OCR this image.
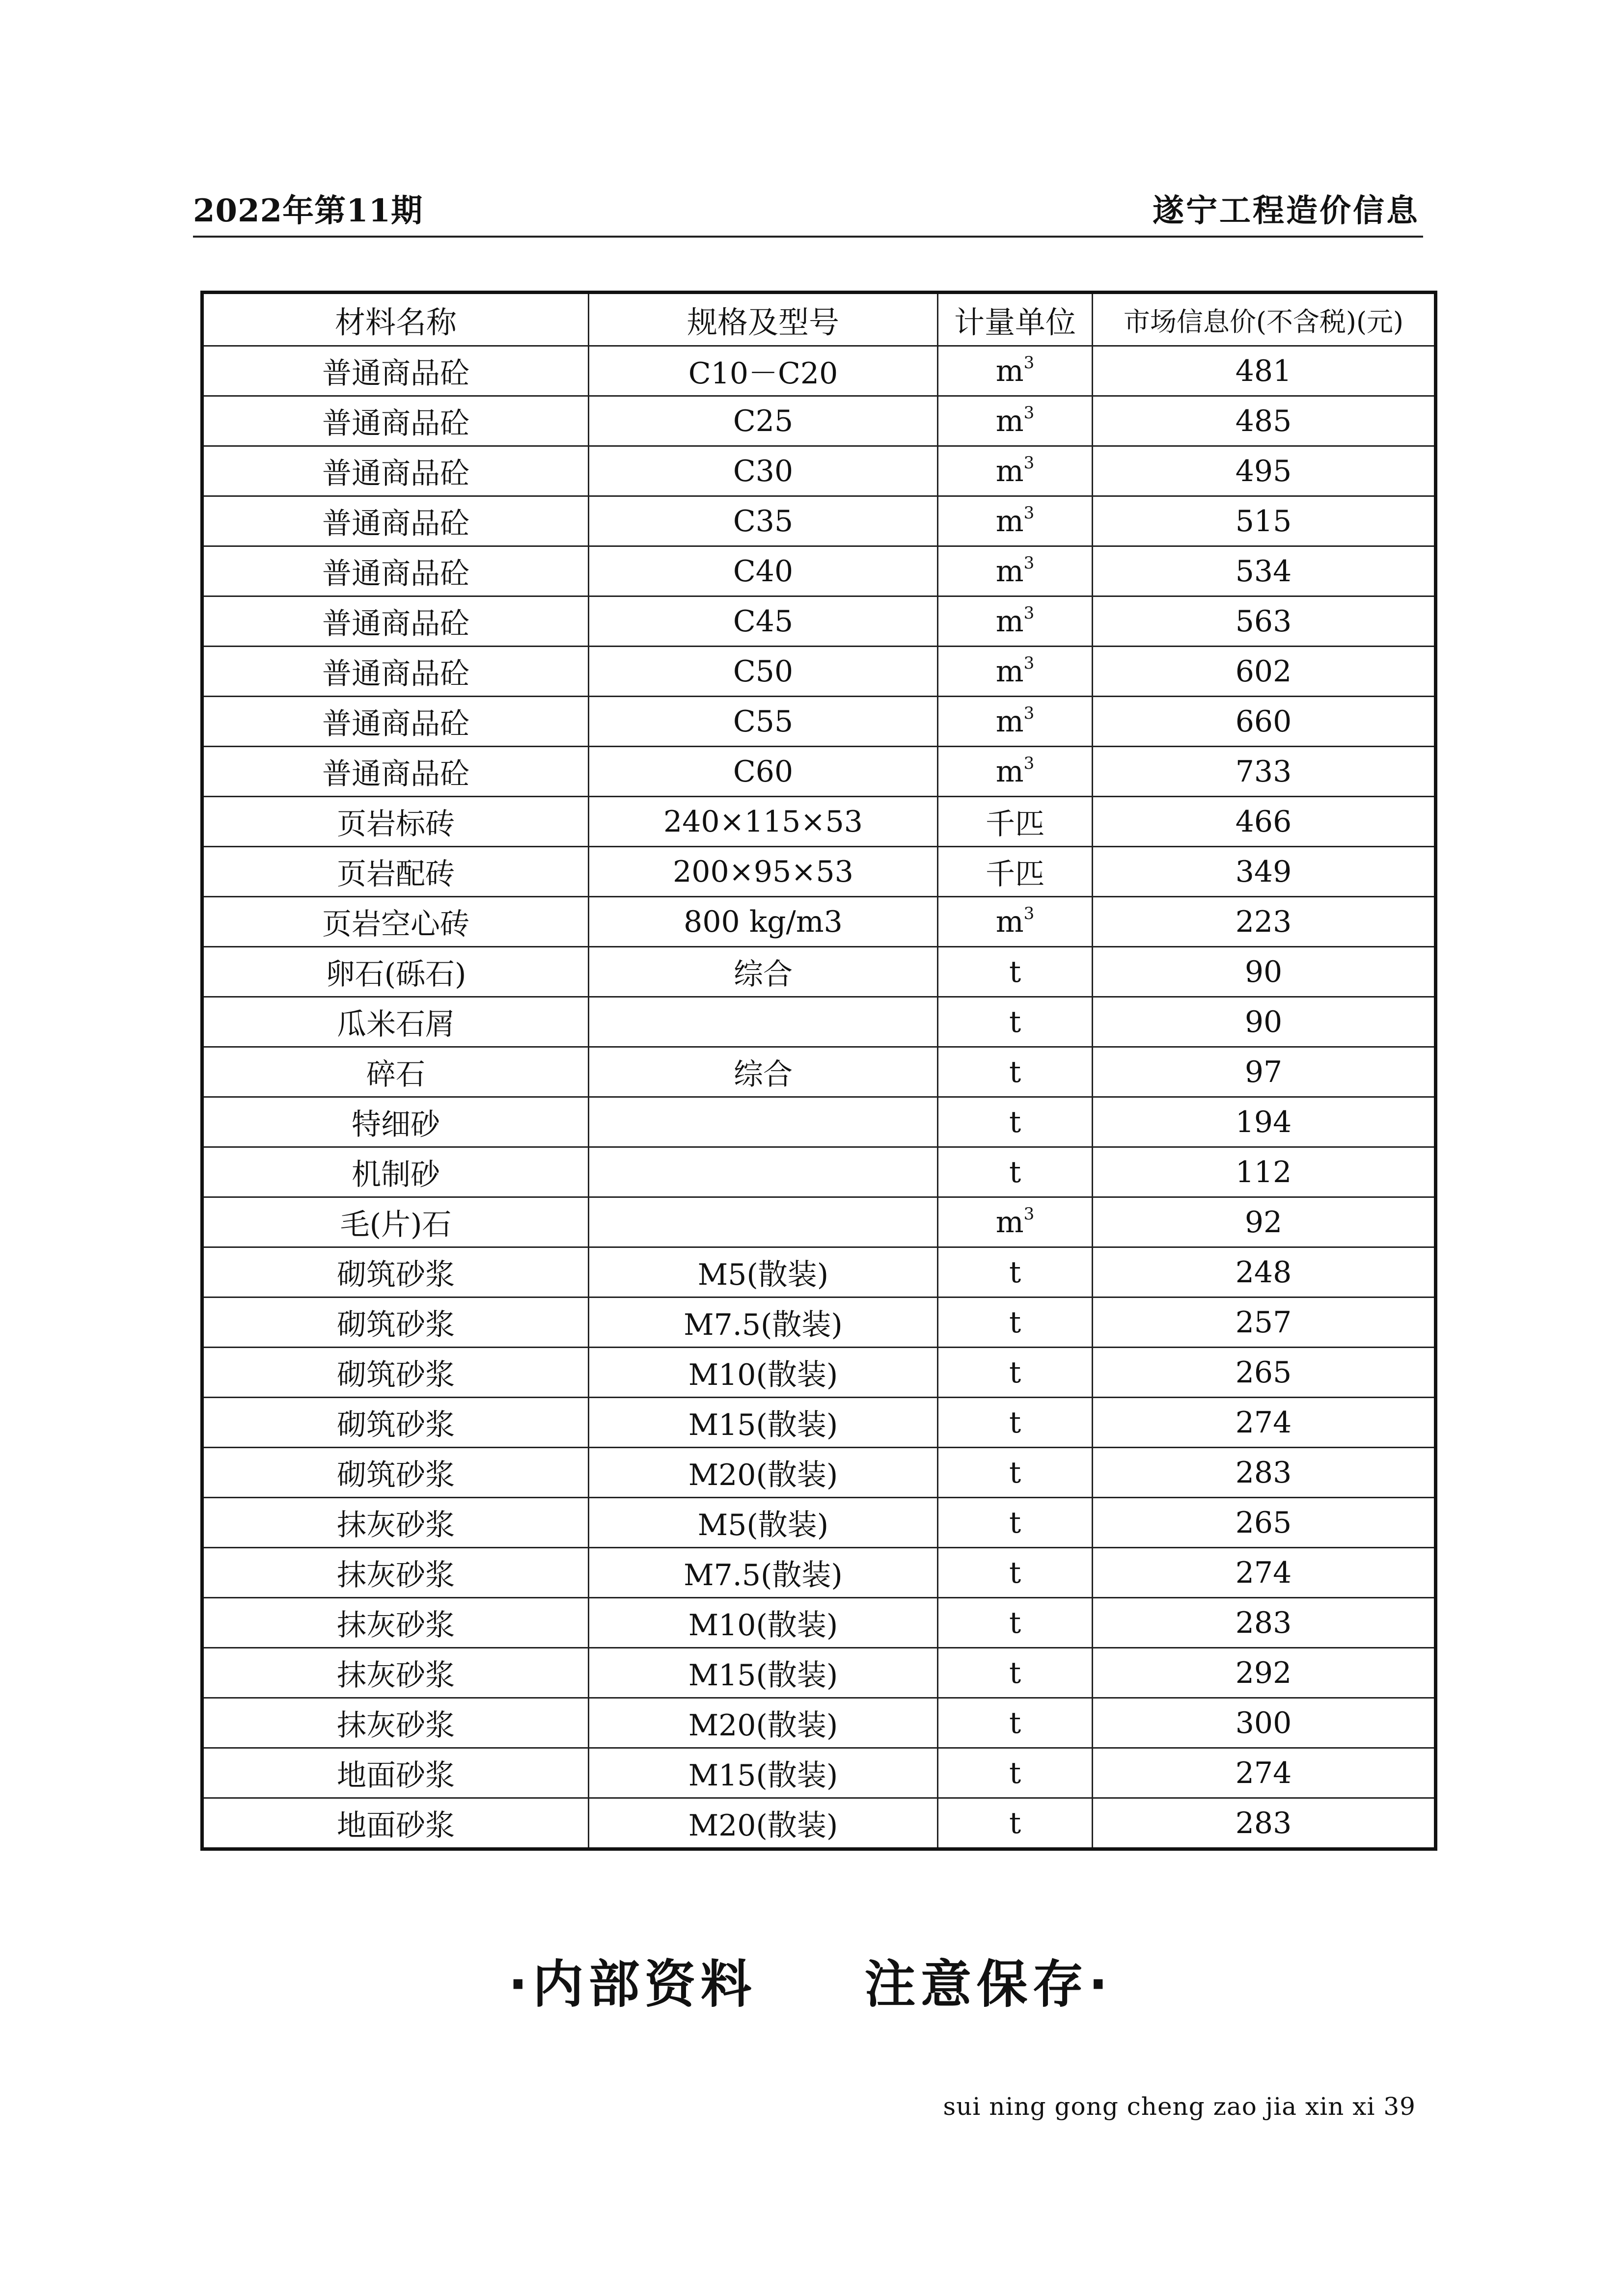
2022年第11期	遂宁工程造价信息
材料名称	规格及型号	计量单位	市场信息价(不含税)(元)
普通商品砼	C10－C20	$m^3$	481
普通商品砼	C25	$m^3$	485
普通商品砼	C30	$m^3$	495
普通商品砼	C35	$m^3$	515
普通商品砼	C40	$m^3$	534
普通商品砼	C45	$m^3$	563
普通商品砼	C50	$m^3$	602
普通商品砼	C55	$m^3$	660
普通商品砼	C60	$m^3$	733
页岩标砖	240×115×53	千匹	466
页岩配砖	200×95×53	千匹	349
页岩空心砖	800 kg/m3	$m^3$	223
卵石(砾石)	综合	t	90
瓜米石屑		t	90
碎石	综合	t	97
特细砂		t	194
机制砂		t	112
毛(片)石		$m^3$	92
砌筑砂浆	M5(散装)	t	248
砌筑砂浆	M7.5(散装)	t	257
砌筑砂浆	M10(散装)	t	265
砌筑砂浆	M15(散装)	t	274
砌筑砂浆	M20(散装)	t	283
抹灰砂浆	M5(散装)	t	265
抹灰砂浆	M7.5(散装)	t	274
抹灰砂浆	M10(散装)	t	283
抹灰砂浆	M15(散装)	t	292
抹灰砂浆	M20(散装)	t	300
地面砂浆	M15(散装)	t	274
地面砂浆	M20(散装)	t	283
·内部资料 注意保存·
sui ning gong cheng zao jia xin xi 39
